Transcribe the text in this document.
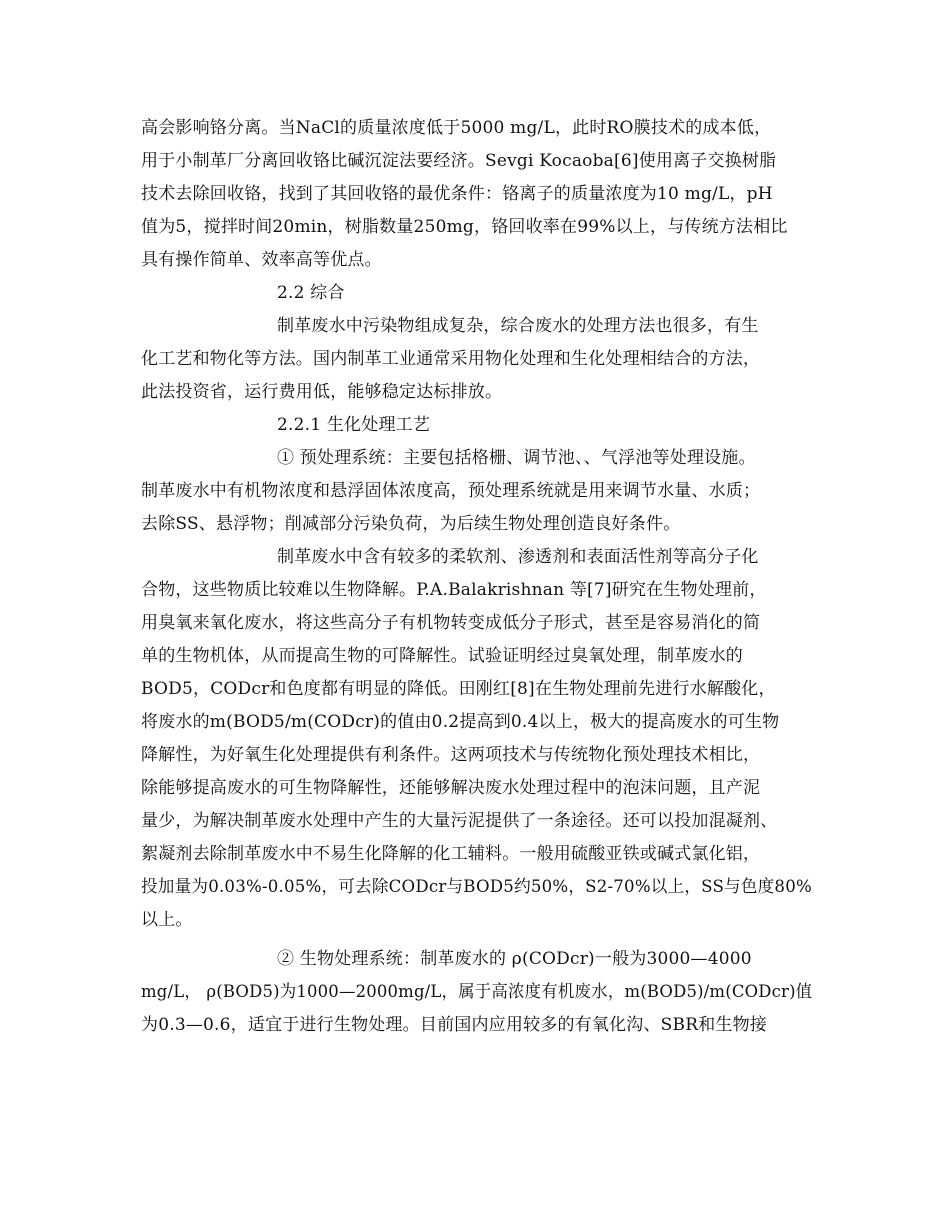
高会影响铬分离。当NaCl的质量浓度低于5000 mg/L，此时RO膜技术的成本低，
用于小制革厂分离回收铬比碱沉淀法要经济。Sevgi Kocaoba[6]使用离子交换树脂
技术去除回收铬，找到了其回收铬的最优条件：铬离子的质量浓度为10 mg/L，pH
值为5，搅拌时间20min，树脂数量250mg，铬回收率在99%以上，与传统方法相比
具有操作简单、效率高等优点。
2.2 综合
制革废水中污染物组成复杂，综合废水的处理方法也很多，有生
化工艺和物化等方法。国内制革工业通常采用物化处理和生化处理相结合的方法，
此法投资省，运行费用低，能够稳定达标排放。
2.2.1 生化处理工艺
① 预处理系统：主要包括格栅、调节池、、气浮池等处理设施。
制革废水中有机物浓度和悬浮固体浓度高，预处理系统就是用来调节水量、水质；
去除SS、悬浮物；削减部分污染负荷，为后续生物处理创造良好条件。
制革废水中含有较多的柔软剂、渗透剂和表面活性剂等高分子化
合物，这些物质比较难以生物降解。P.A.Balakrishnan 等[7]研究在生物处理前，
用臭氧来氧化废水，将这些高分子有机物转变成低分子形式，甚至是容易消化的简
单的生物机体，从而提高生物的可降解性。试验证明经过臭氧处理，制革废水的
BOD5，CODcr和色度都有明显的降低。田刚红[8]在生物处理前先进行水解酸化，
将废水的m(BOD5/m(CODcr)的值由0.2提高到0.4以上，极大的提高废水的可生物
降解性，为好氧生化处理提供有利条件。这两项技术与传统物化预处理技术相比，
除能够提高废水的可生物降解性，还能够解决废水处理过程中的泡沫问题，且产泥
量少，为解决制革废水处理中产生的大量污泥提供了一条途径。还可以投加混凝剂、
絮凝剂去除制革废水中不易生化降解的化工辅料。一般用硫酸亚铁或碱式氯化铝，
投加量为0.03%-0.05%，可去除CODcr与BOD5约50%，S2-70%以上，SS与色度80%
以上。
② 生物处理系统：制革废水的 ρ(CODcr)一般为3000—4000
mg/L， ρ(BOD5)为1000—2000mg/L，属于高浓度有机废水，m(BOD5)/m(CODcr)值
为0.3—0.6，适宜于进行生物处理。目前国内应用较多的有氧化沟、SBR和生物接
